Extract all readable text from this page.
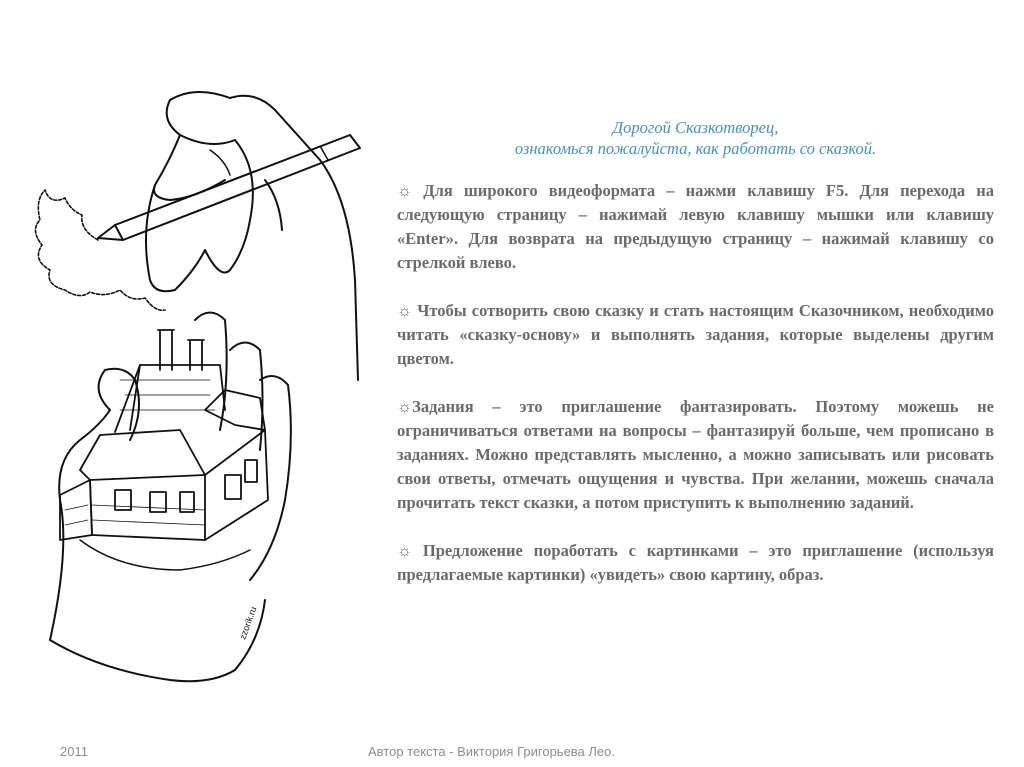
zzorik.ru
Дорогой Сказкотворец,
ознакомься пожалуйста, как работать со сказкой.

☼ Для широкого видеоформата – нажми клавишу F5. Для перехода на следующую страницу – нажимай левую клавишу мышки или клавишу «Enter». Для возврата на предыдущую страницу – нажимай клавишу со стрелкой влево.

☼ Чтобы сотворить свою сказку и стать настоящим Сказочником, необходимо читать «сказку-основу» и выполнять задания, которые выделены другим цветом.

☼Задания – это приглашение фантазировать. Поэтому можешь не ограничиваться ответами на вопросы – фантазируй больше, чем прописано в заданиях. Можно представлять мысленно, а можно записывать или рисовать свои ответы, отмечать ощущения и чувства. При желании, можешь сначала прочитать текст сказки, а потом приступить к выполнению заданий.

☼ Предложение поработать с картинками – это приглашение (используя предлагаемые картинки) «увидеть» свою картину, образ.

2011	Автор текста - Виктория Григорьева Лео.
